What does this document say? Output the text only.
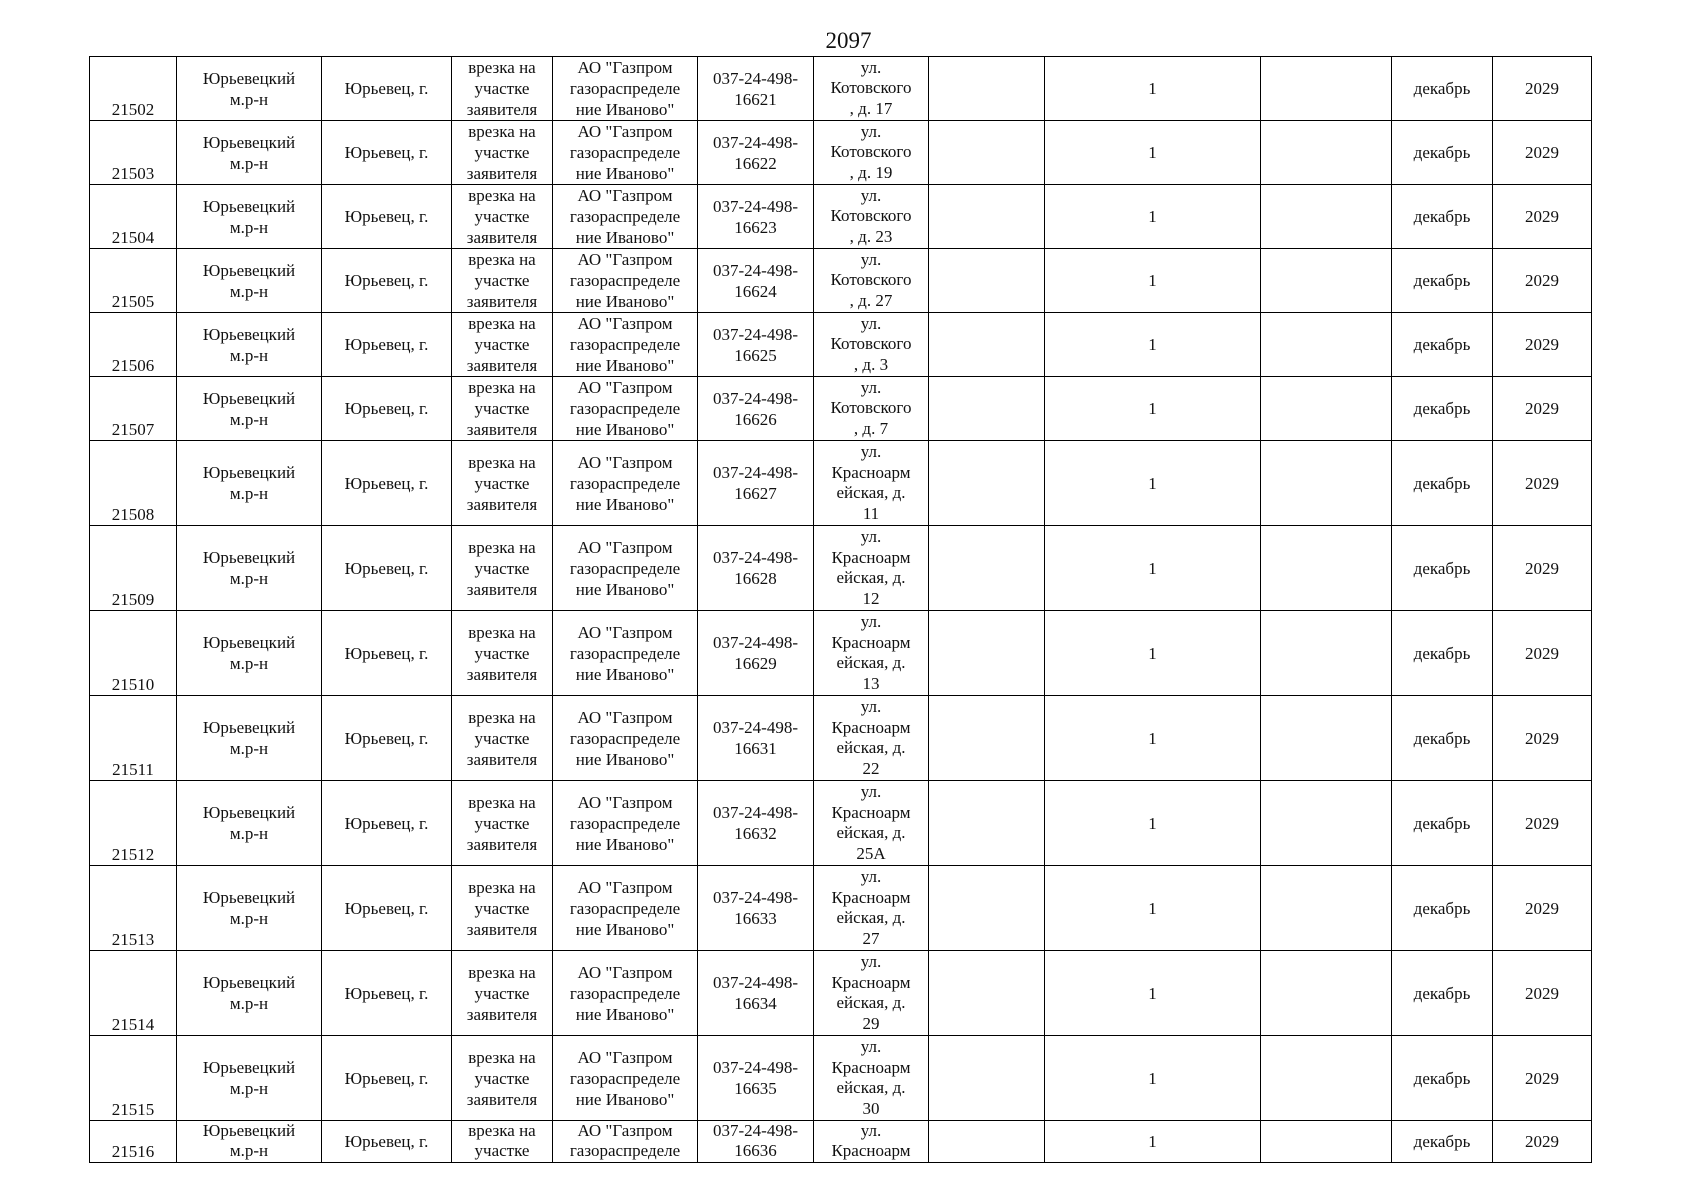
2097
21502	Юрьевецкий
м.р-н	Юрьевец, г.	врезка на
участке
заявителя	АО "Газпром
газораспределе
ние Иваново"	037-24-498-
16621	ул.
Котовского
, д. 17		1		декабрь	2029
21503	Юрьевецкий
м.р-н	Юрьевец, г.	врезка на
участке
заявителя	АО "Газпром
газораспределе
ние Иваново"	037-24-498-
16622	ул.
Котовского
, д. 19		1		декабрь	2029
21504	Юрьевецкий
м.р-н	Юрьевец, г.	врезка на
участке
заявителя	АО "Газпром
газораспределе
ние Иваново"	037-24-498-
16623	ул.
Котовского
, д. 23		1		декабрь	2029
21505	Юрьевецкий
м.р-н	Юрьевец, г.	врезка на
участке
заявителя	АО "Газпром
газораспределе
ние Иваново"	037-24-498-
16624	ул.
Котовского
, д. 27		1		декабрь	2029
21506	Юрьевецкий
м.р-н	Юрьевец, г.	врезка на
участке
заявителя	АО "Газпром
газораспределе
ние Иваново"	037-24-498-
16625	ул.
Котовского
, д. 3		1		декабрь	2029
21507	Юрьевецкий
м.р-н	Юрьевец, г.	врезка на
участке
заявителя	АО "Газпром
газораспределе
ние Иваново"	037-24-498-
16626	ул.
Котовского
, д. 7		1		декабрь	2029
21508	Юрьевецкий
м.р-н	Юрьевец, г.	врезка на
участке
заявителя	АО "Газпром
газораспределе
ние Иваново"	037-24-498-
16627	ул.
Красноарм
ейская, д.
11		1		декабрь	2029
21509	Юрьевецкий
м.р-н	Юрьевец, г.	врезка на
участке
заявителя	АО "Газпром
газораспределе
ние Иваново"	037-24-498-
16628	ул.
Красноарм
ейская, д.
12		1		декабрь	2029
21510	Юрьевецкий
м.р-н	Юрьевец, г.	врезка на
участке
заявителя	АО "Газпром
газораспределе
ние Иваново"	037-24-498-
16629	ул.
Красноарм
ейская, д.
13		1		декабрь	2029
21511	Юрьевецкий
м.р-н	Юрьевец, г.	врезка на
участке
заявителя	АО "Газпром
газораспределе
ние Иваново"	037-24-498-
16631	ул.
Красноарм
ейская, д.
22		1		декабрь	2029
21512	Юрьевецкий
м.р-н	Юрьевец, г.	врезка на
участке
заявителя	АО "Газпром
газораспределе
ние Иваново"	037-24-498-
16632	ул.
Красноарм
ейская, д.
25А		1		декабрь	2029
21513	Юрьевецкий
м.р-н	Юрьевец, г.	врезка на
участке
заявителя	АО "Газпром
газораспределе
ние Иваново"	037-24-498-
16633	ул.
Красноарм
ейская, д.
27		1		декабрь	2029
21514	Юрьевецкий
м.р-н	Юрьевец, г.	врезка на
участке
заявителя	АО "Газпром
газораспределе
ние Иваново"	037-24-498-
16634	ул.
Красноарм
ейская, д.
29		1		декабрь	2029
21515	Юрьевецкий
м.р-н	Юрьевец, г.	врезка на
участке
заявителя	АО "Газпром
газораспределе
ние Иваново"	037-24-498-
16635	ул.
Красноарм
ейская, д.
30		1		декабрь	2029
21516	Юрьевецкий
м.р-н	Юрьевец, г.	врезка на
участке	АО "Газпром
газораспределе	037-24-498-
16636	ул.
Красноарм		1		декабрь	2029
